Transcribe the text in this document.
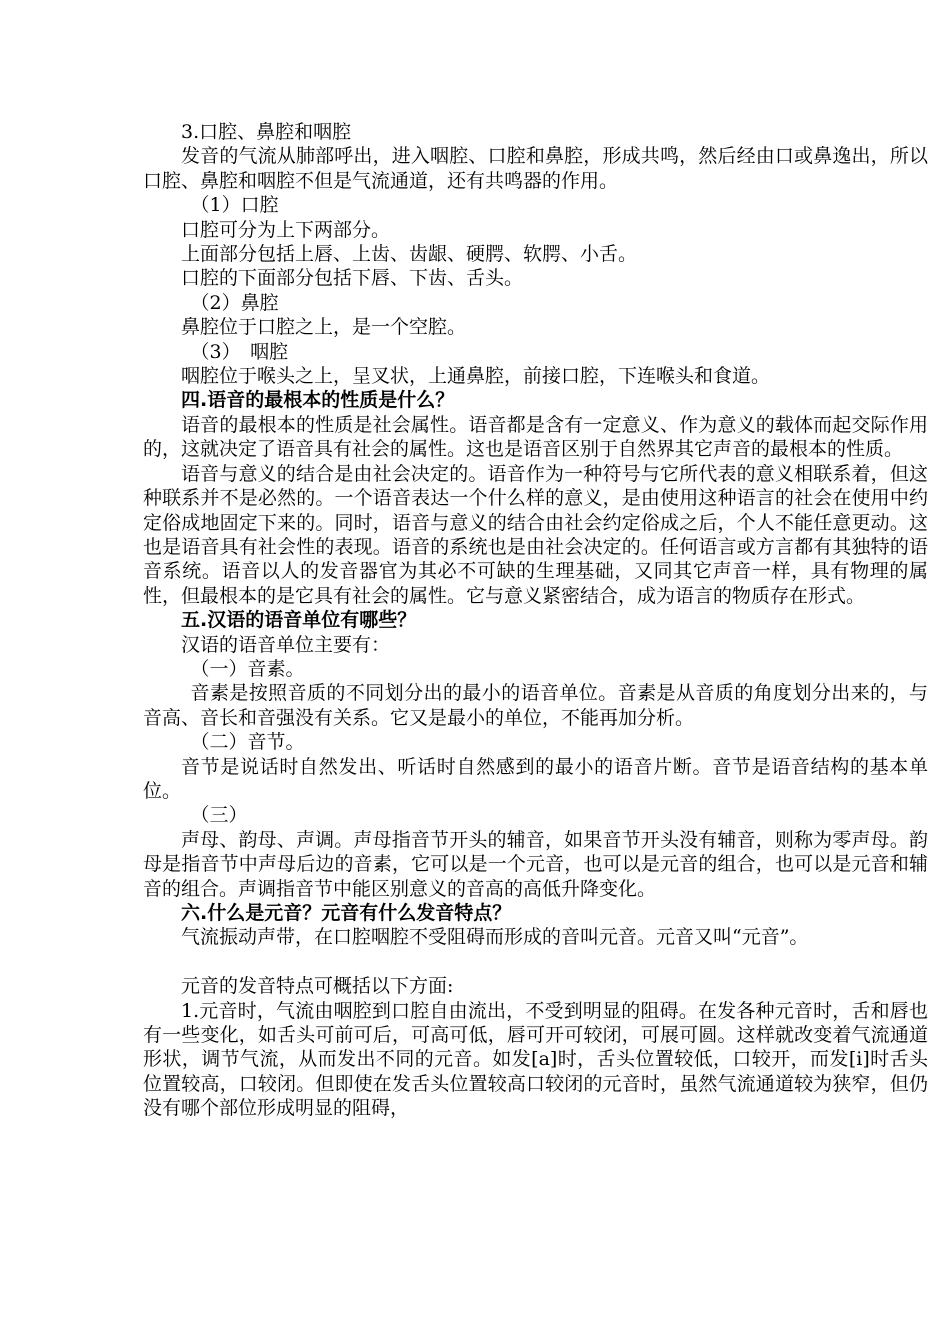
3.口腔、鼻腔和咽腔

发音的气流从肺部呼出，进入咽腔、口腔和鼻腔，形成共鸣，然后经由口或鼻逸出，所以口腔、鼻腔和咽腔不但是气流通道，还有共鸣器的作用。

（1）口腔

口腔可分为上下两部分。

上面部分包括上唇、上齿、齿龈、硬腭、软腭、小舌。

口腔的下面部分包括下唇、下齿、舌头。

（2）鼻腔

鼻腔位于口腔之上，是一个空腔。

（3）　咽腔

咽腔位于喉头之上，呈叉状，上通鼻腔，前接口腔，下连喉头和食道。

四.语音的最根本的性质是什么？

语音的最根本的性质是社会属性。语音都是含有一定意义、作为意义的载体而起交际作用的，这就决定了语音具有社会的属性。这也是语音区别于自然界其它声音的最根本的性质。

语音与意义的结合是由社会决定的。语音作为一种符号与它所代表的意义相联系着，但这种联系并不是必然的。一个语音表达一个什么样的意义，是由使用这种语言的社会在使用中约定俗成地固定下来的。同时，语音与意义的结合由社会约定俗成之后，个人不能任意更动。这也是语音具有社会性的表现。语音的系统也是由社会决定的。任何语言或方言都有其独特的语音系统。语音以人的发音器官为其必不可缺的生理基础，又同其它声音一样，具有物理的属性，但最根本的是它具有社会的属性。它与意义紧密结合，成为语言的物质存在形式。

五.汉语的语音单位有哪些？

汉语的语音单位主要有：

（一）音素。

音素是按照音质的不同划分出的最小的语音单位。音素是从音质的角度划分出来的，与音高、音长和音强没有关系。它又是最小的单位，不能再加分析。

（二）音节。

音节是说话时自然发出、听话时自然感到的最小的语音片断。音节是语音结构的基本单位。

（三）

声母、韵母、声调。声母指音节开头的辅音，如果音节开头没有辅音，则称为零声母。韵母是指音节中声母后边的音素，它可以是一个元音，也可以是元音的组合，也可以是元音和辅音的组合。声调指音节中能区别意义的音高的高低升降变化。

六.什么是元音？元音有什么发音特点？

气流振动声带，在口腔咽腔不受阻碍而形成的音叫元音。元音又叫“元音”。

元音的发音特点可概括以下方面:

1.元音时，气流由咽腔到口腔自由流出，不受到明显的阻碍。在发各种元音时，舌和唇也有一些变化，如舌头可前可后，可高可低，唇可开可较闭，可展可圆。这样就改变着气流通道形状，调节气流，从而发出不同的元音。如发[a]时，舌头位置较低，口较开，而发[i]时舌头位置较高，口较闭。但即使在发舌头位置较高口较闭的元音时，虽然气流通道较为狭窄，但仍没有哪个部位形成明显的阻碍，
